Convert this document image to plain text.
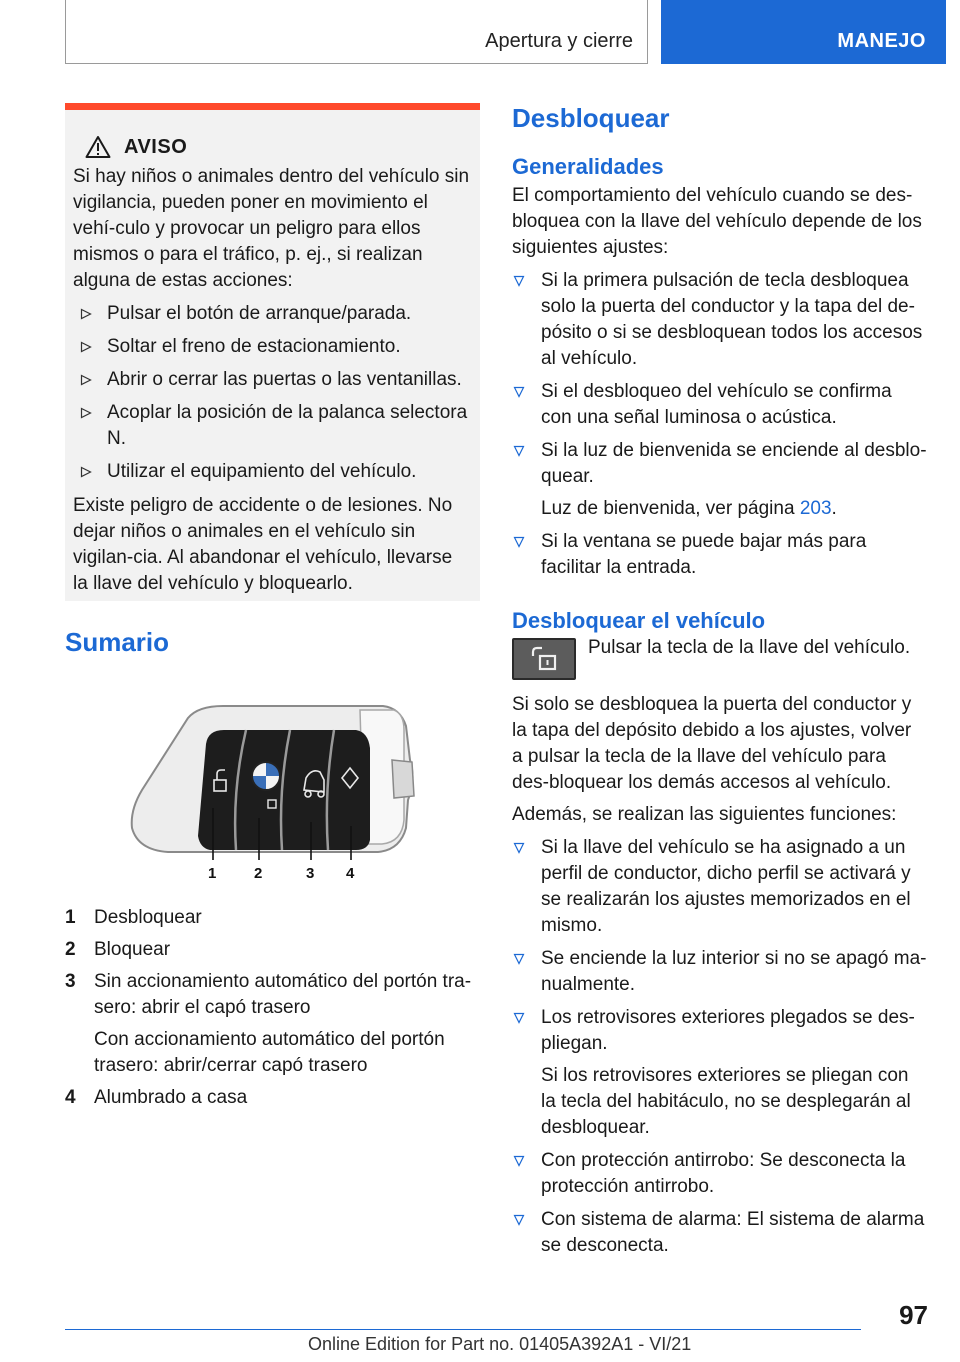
Apertura y cierre	MANEJO
AVISO

Si hay niños o animales dentro del vehículo sin vigilancia, pueden poner en movimiento el vehí‐culo y provocar un peligro para ellos mismos o para el tráfico, p. ej., si realizan alguna de estas acciones:

Pulsar el botón de arranque/parada.
Soltar el freno de estacionamiento.
Abrir o cerrar las puertas o las ventanillas.
Acoplar la posición de la palanca selectora N.
Utilizar el equipamiento del vehículo.

Existe peligro de accidente o de lesiones. No dejar niños o animales en el vehículo sin vigilan‐cia. Al abandonar el vehículo, llevarse la llave del vehículo y bloquearlo.

Sumario
1	2	3 4
1 Desbloquear
2 Bloquear
3 Sin accionamiento automático del portón tra‐sero: abrir el capó trasero
Con accionamiento automático del portón trasero: abrir/cerrar capó trasero
4 Alumbrado a casa
Desbloquear
Generalidades

El comportamiento del vehículo cuando se des‐bloquea con la llave del vehículo depende de los siguientes ajustes:

Si la primera pulsación de tecla desbloquea solo la puerta del conductor y la tapa del de‐pósito o si se desbloquean todos los accesos al vehículo.
Si el desbloqueo del vehículo se confirma con una señal luminosa o acústica.
Si la luz de bienvenida se enciende al desblo‐quear.
Luz de bienvenida, ver página 203.
Si la ventana se puede bajar más para facilitar la entrada.
Desbloquear el vehículo

Pulsar la tecla de la llave del vehículo.

Si solo se desbloquea la puerta del conductor y la tapa del depósito debido a los ajustes, volver a pulsar la tecla de la llave del vehículo para des‐bloquear los demás accesos al vehículo.

Además, se realizan las siguientes funciones:

Si la llave del vehículo se ha asignado a un perfil de conductor, dicho perfil se activará y se realizarán los ajustes memorizados en el mismo.
Se enciende la luz interior si no se apagó ma‐nualmente.
Los retrovisores exteriores plegados se des‐pliegan.
Si los retrovisores exteriores se pliegan con la tecla del habitáculo, no se desplegarán al desbloquear.
Con protección antirrobo: Se desconecta la protección antirrobo.
Con sistema de alarma: El sistema de alarma se desconecta.
97
Online Edition for Part no. 01405A392A1 - VI/21
